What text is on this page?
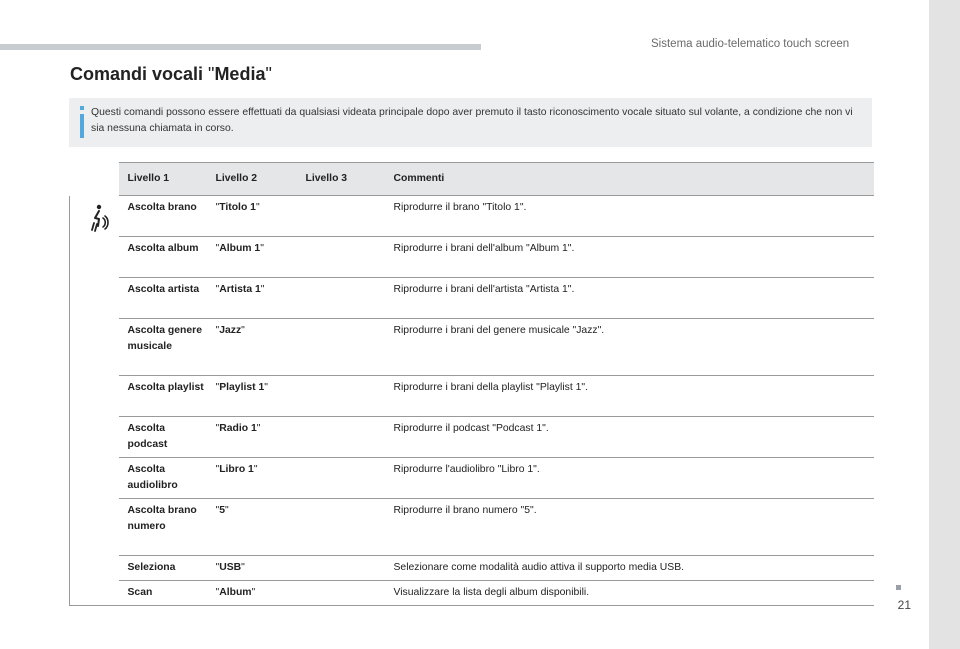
Sistema audio-telematico touch screen
Comandi vocali "Media"

Questi comandi possono essere effettuati da qualsiasi videata principale dopo aver premuto il tasto riconoscimento vocale situato sul volante, a condizione che non vi sia nessuna chiamata in corso.

	Livello 1	Livello 2	Livello 3	Commenti

	Ascolta brano	"Titolo 1"		Riprodurre il brano "Titolo 1".
	Ascolta album	"Album 1"		Riprodurre i brani dell'album "Album 1".
	Ascolta artista	"Artista 1"		Riprodurre i brani dell'artista "Artista 1".
	Ascolta genere musicale	"Jazz"		Riprodurre i brani del genere musicale "Jazz".
	Ascolta playlist	"Playlist 1"		Riprodurre i brani della playlist "Playlist 1".
	Ascolta podcast	"Radio 1"		Riprodurre il podcast "Podcast 1".
	Ascolta audiolibro	"Libro 1"		Riprodurre l'audiolibro "Libro 1".
	Ascolta brano numero	"5"		Riprodurre il brano numero "5".
	Seleziona	"USB"		Selezionare come modalità audio attiva il supporto media USB.
	Scan	"Album"		Visualizzare la lista degli album disponibili.
21
